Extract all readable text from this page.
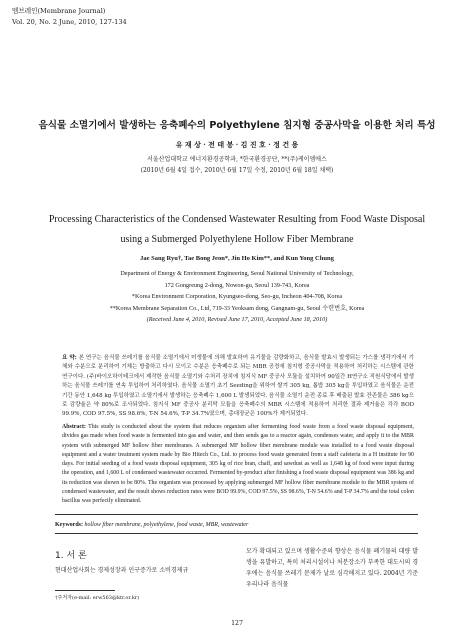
멤브레인(Membrane Journal)
Vol. 20, No. 2 June, 2010, 127-134
음식물 소멸기에서 발생하는 응축폐수의 Polyethylene 침지형 중공사막을 이용한 처리 특성
유 재 상 · 전 태 봉 · 김 진 호 · 정 건 용
서울산업대학교 에너지환경공학과, *한국환경공단, **(주)케이엠에스
(2010년 6월 4일 접수, 2010년 6월 17일 수정, 2010년 6월 18일 채택)
Processing Characteristics of the Condensed Wastewater Resulting from Food Waste Disposal
using a Submerged Polyethylene Hollow Fiber Membrane
Jae Sang Ryu†, Tae Bong Jeon*, Jin Ho Kim**, and Kun Yong Chung
Department of Energy & Environment Engineering, Seoul National University of Technology,
172 Gongreung 2-dong, Nowon-gu, Seoul 139-743, Korea
*Korea Environment Corporation, Kyungseo-dong, Seo-gu, Incheon 404-708, Korea
**Korea Membrane Separation Co., Ltd, 719-33 Yeoksam dong, Gangnam-gu, Seoul 수련번호, Korea
(Received June 4, 2010, Revised June 17, 2010, Accepted June 18, 2010)
요 약: 본 연구는 음식물 쓰레기를 음식물 소멸기에서 미생물에 의해 발효하여 유기물을 감량화하고, 음식물 발효시 발생되는 가스를 냉각기에서 기체와 수분으로 분리하여 기체는 방출하고 다시 모이고 수분은 응축폐수로 되는 MBR 공정에 침지형 중공사막을 적용하여 처리하는 시스템에 관한 연구이다. (주)바이오하이테크에서 제작한 음식물 소멸기와 수처리 장치에 침지식 MF 중공사 모듈을 설치하여 90일간 H연구소 직원식당에서 발생하는 음식물 쓰레기를 연속 투입하여 처리하였다. 음식물 소멸기 초기 Seeding을 위하여 쌀겨 305 kg, 톱밥 305 kg을 투입하였고 음식물은 운전기간 동안 1,648 kg 투입하였고 소멸기에서 발생하는 응축폐수 1,600 L 발생되었다. 음식물 소멸기 운전 종료 후 배출된 발효 잔존물은 386 kg으로 감량율은 약 80%로 조사되었다. 침지식 MF 중공사 분리막 모듈을 응축폐수의 MBR 시스템에 적용하여 처리한 결과 제거율은 각각 BOD 99.9%, COD 97.5%, SS 98.6%, T-N 54.6%, T-P 34.7%였으며, 총대장균은 100%가 제거되었다.
Abstract: This study is conducted about the system that reduces organism after fermenting food waste from a food waste disposal equipment, divides gas made when food waste is fermented into gas and water, and then sends gas to a reactor again, condenses water, and apply it to the MBR system with submerged MF hollow fiber membranes. A submerged MF hollow fiber membrane module was installed to a food waste disposal equipment and a water treatment system made by Bio Hitech Co., Ltd. to process food waste generated from a staff cafeteria in a H institute for 90 days. For initial seeding of a food waste disposal equipment, 305 kg of rice bran, chaff, and sawdust as well as 1,648 kg of food were input during the operation, and 1,600 L of condensed wastewater occurred. Fermented by-product after finishing a food waste disposal equipment was 386 kg and its reduction was shown to be 80%. The organism was processed by applying submerged MF hollow fiber membrane module to the MBR system of condensed wastewater, and the result shows reduction rates were BOD 99.9%, COD 97.5%, SS 98.6%, T-N 54.6% and T-P 34.7% and the total colon bacillus was perfectly eliminated.
Keywords: hollow fiber membrane, polyethylene, food waste, MBR, wastewater
1. 서 론
현대산업사회는 경제성장과 인구증가로 소비경제규
모가 확대되고 있으며 생활수준의 향상은 음식물 폐기물의 대량 발생을 유발하고, 특히 처리시설이나 처분장소가 부족한 대도시의 경우에는 음식물 쓰레기 문제가 날로 심각해지고 있다. 2004년 기준 우리나라 음식물
†주저자(e-mail: erw563@ktr.or.kr)
127
